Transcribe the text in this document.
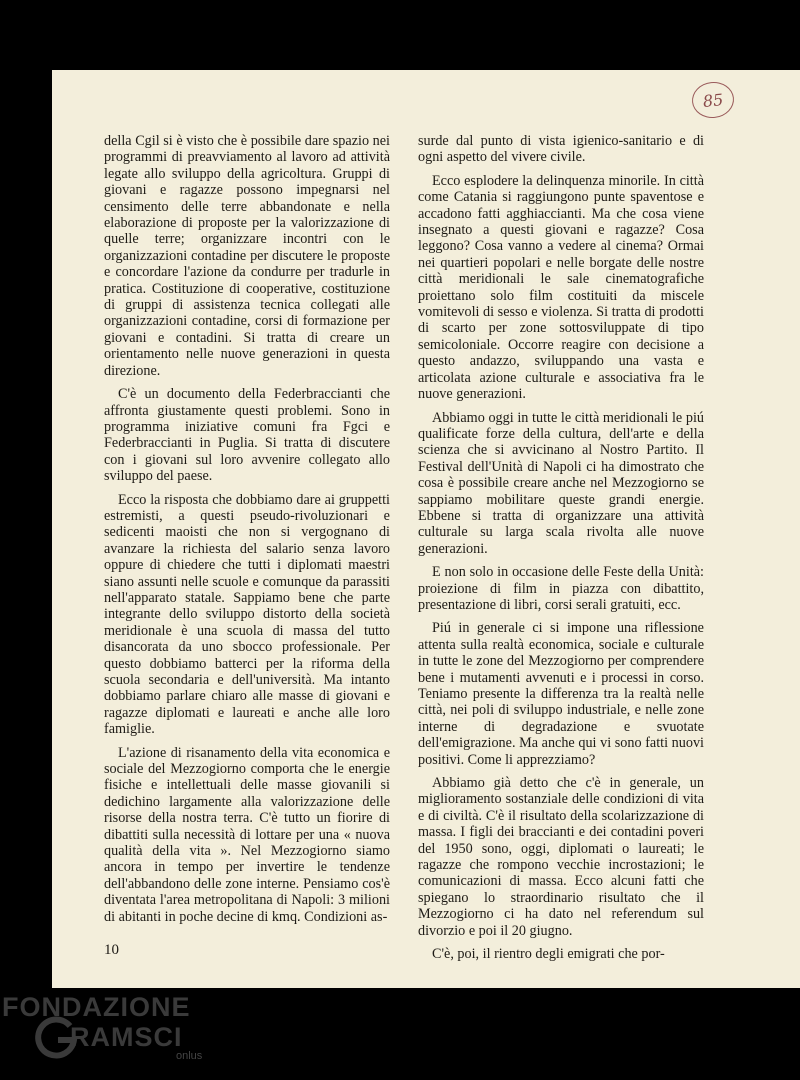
85

della Cgil si è visto che è possibile dare spazio nei programmi di preavviamento al lavoro ad attività legate allo sviluppo della agricoltura. Gruppi di giovani e ragazze possono impegnarsi nel censimento delle terre abbandonate e nella elaborazione di proposte per la valorizzazione di quelle terre; organizzare incontri con le organizzazioni contadine per discutere le proposte e concordare l'azione da condurre per tradurle in pratica. Costituzione di cooperative, costituzione di gruppi di assistenza tecnica collegati alle organizzazioni contadine, corsi di formazione per giovani e contadini. Si tratta di creare un orientamento nelle nuove generazioni in questa direzione.

C'è un documento della Federbraccianti che affronta giustamente questi problemi. Sono in programma iniziative comuni fra Fgci e Federbraccianti in Puglia. Si tratta di discutere con i giovani sul loro avvenire collegato allo sviluppo del paese.

Ecco la risposta che dobbiamo dare ai gruppetti estremisti, a questi pseudo-rivoluzionari e sedicenti maoisti che non si vergognano di avanzare la richiesta del salario senza lavoro oppure di chiedere che tutti i diplomati maestri siano assunti nelle scuole e comunque da parassiti nell'apparato statale. Sappiamo bene che parte integrante dello sviluppo distorto della società meridionale è una scuola di massa del tutto disancorata da uno sbocco professionale. Per questo dobbiamo batterci per la riforma della scuola secondaria e dell'università. Ma intanto dobbiamo parlare chiaro alle masse di giovani e ragazze diplomati e laureati e anche alle loro famiglie.

L'azione di risanamento della vita economica e sociale del Mezzogiorno comporta che le energie fisiche e intellettuali delle masse giovanili si dedichino largamente alla valorizzazione delle risorse della nostra terra. C'è tutto un fiorire di dibattiti sulla necessità di lottare per una « nuova qualità della vita ». Nel Mezzogiorno siamo ancora in tempo per invertire le tendenze dell'abbandono delle zone interne. Pensiamo cos'è diventata l'area metropolitana di Napoli: 3 milioni di abitanti in poche decine di kmq. Condizioni as-

surde dal punto di vista igienico-sanitario e di ogni aspetto del vivere civile.

Ecco esplodere la delinquenza minorile. In città come Catania si raggiungono punte spaventose e accadono fatti agghiaccianti. Ma che cosa viene insegnato a questi giovani e ragazze? Cosa leggono? Cosa vanno a vedere al cinema? Ormai nei quartieri popolari e nelle borgate delle nostre città meridionali le sale cinematografiche proiettano solo film costituiti da miscele vomitevoli di sesso e violenza. Si tratta di prodotti di scarto per zone sottosviluppate di tipo semicoloniale. Occorre reagire con decisione a questo andazzo, sviluppando una vasta e articolata azione culturale e associativa fra le nuove generazioni.

Abbiamo oggi in tutte le città meridionali le piú qualificate forze della cultura, dell'arte e della scienza che si avvicinano al Nostro Partito. Il Festival dell'Unità di Napoli ci ha dimostrato che cosa è possibile creare anche nel Mezzogiorno se sappiamo mobilitare queste grandi energie. Ebbene si tratta di organizzare una attività culturale su larga scala rivolta alle nuove generazioni.

E non solo in occasione delle Feste della Unità: proiezione di film in piazza con dibattito, presentazione di libri, corsi serali gratuiti, ecc.

Piú in generale ci si impone una riflessione attenta sulla realtà economica, sociale e culturale in tutte le zone del Mezzogiorno per comprendere bene i mutamenti avvenuti e i processi in corso. Teniamo presente la differenza tra la realtà nelle città, nei poli di sviluppo industriale, e nelle zone interne di degradazione e svuotate dell'emigrazione. Ma anche qui vi sono fatti nuovi positivi. Come li apprezziamo?

Abbiamo già detto che c'è in generale, un miglioramento sostanziale delle condizioni di vita e di civiltà. C'è il risultato della scolarizzazione di massa. I figli dei braccianti e dei contadini poveri del 1950 sono, oggi, diplomati o laureati; le ragazze che rompono vecchie incrostazioni; le comunicazioni di massa. Ecco alcuni fatti che spiegano lo straordinario risultato che il Mezzogiorno ci ha dato nel referendum sul divorzio e poi il 20 giugno.

C'è, poi, il rientro degli emigrati che por-

10
FONDAZIONE
RAMSCI
onlus
